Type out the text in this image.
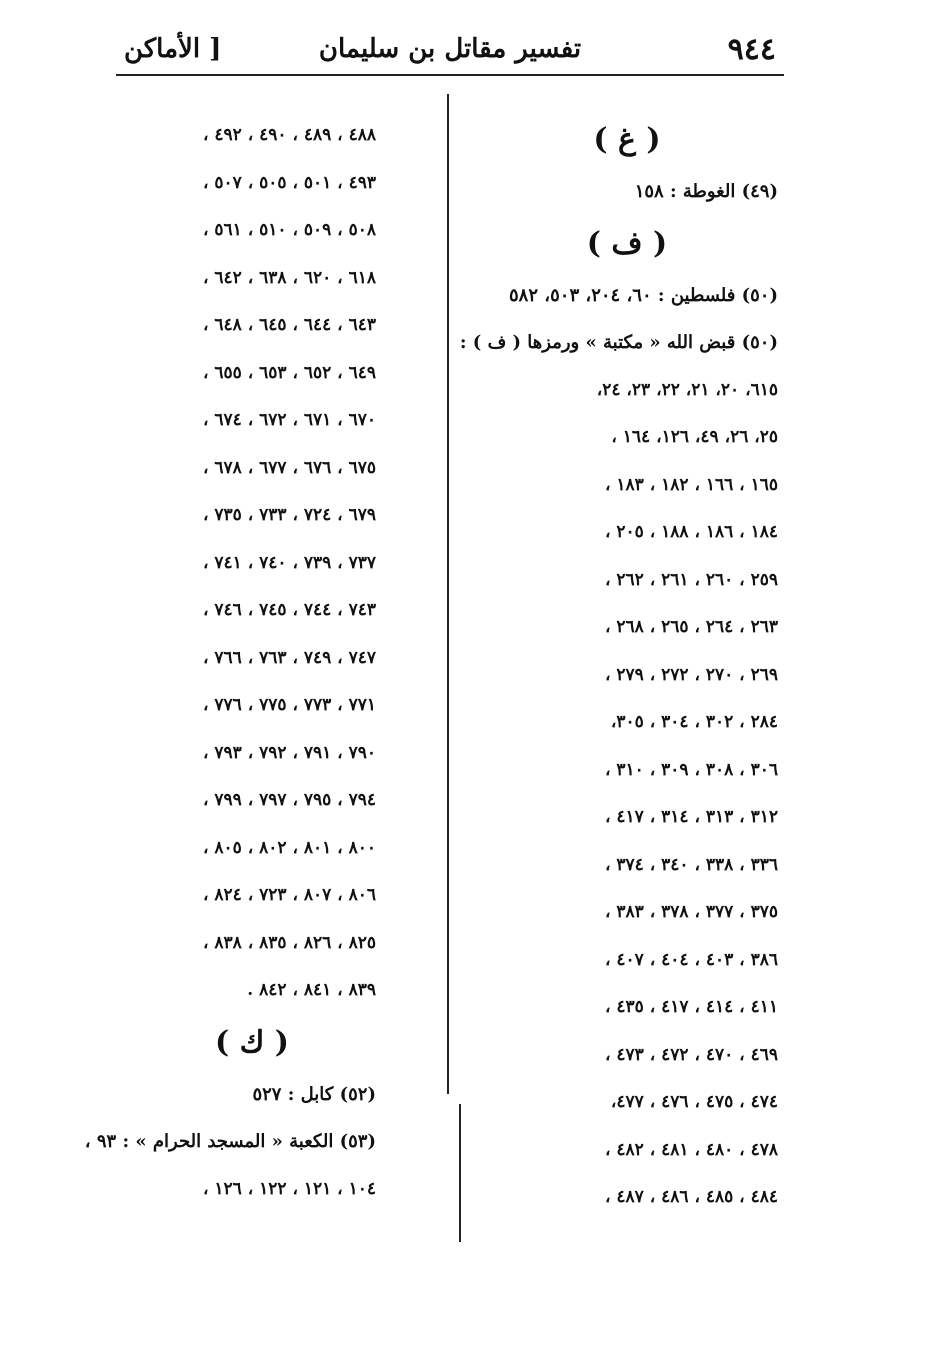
٩٤٤
تفسير مقاتل بن سليمان
[ الأماكن
( غ )
(٤٩) الغوطة : ١٥٨
( ف )
(٥٠) فلسطين : ٦٠، ٢٠٤، ٥٠٣، ٥٨٢
(٥٠) قبض الله « مكتبة » ورمزها ( ف ) :
٦١٥، ٢٠، ٢١، ٢٢، ٢٣، ٢٤،
٢٥، ٢٦، ٤٩، ١٢٦، ١٦٤ ،
١٦٥ ، ١٦٦ ، ١٨٢ ، ١٨٣ ،
١٨٤ ، ١٨٦ ، ١٨٨ ، ٢٠٥ ،
٢٥٩ ، ٢٦٠ ، ٢٦١ ، ٢٦٢ ،
٢٦٣ ، ٢٦٤ ، ٢٦٥ ، ٢٦٨ ،
٢٦٩ ، ٢٧٠ ، ٢٧٢ ، ٢٧٩ ،
٢٨٤ ، ٣٠٢ ، ٣٠٤ ، ٣٠٥،
٣٠٦ ، ٣٠٨ ، ٣٠٩ ، ٣١٠ ،
٣١٢ ، ٣١٣ ، ٣١٤ ، ٤١٧ ،
٣٣٦ ، ٣٣٨ ، ٣٤٠ ، ٣٧٤ ،
٣٧٥ ، ٣٧٧ ، ٣٧٨ ، ٣٨٣ ،
٣٨٦ ، ٤٠٣ ، ٤٠٤ ، ٤٠٧ ،
٤١١ ، ٤١٤ ، ٤١٧ ، ٤٣٥ ،
٤٦٩ ، ٤٧٠ ، ٤٧٢ ، ٤٧٣ ،
٤٧٤ ، ٤٧٥ ، ٤٧٦ ، ٤٧٧،
٤٧٨ ، ٤٨٠ ، ٤٨١ ، ٤٨٢ ،
٤٨٤ ، ٤٨٥ ، ٤٨٦ ، ٤٨٧ ،
٤٨٨ ، ٤٨٩ ، ٤٩٠ ، ٤٩٢ ،
٤٩٣ ، ٥٠١ ، ٥٠٥ ، ٥٠٧ ،
٥٠٨ ، ٥٠٩ ، ٥١٠ ، ٥٦١ ،
٦١٨ ، ٦٢٠ ، ٦٣٨ ، ٦٤٢ ،
٦٤٣ ، ٦٤٤ ، ٦٤٥ ، ٦٤٨ ،
٦٤٩ ، ٦٥٢ ، ٦٥٣ ، ٦٥٥ ،
٦٧٠ ، ٦٧١ ، ٦٧٢ ، ٦٧٤ ،
٦٧٥ ، ٦٧٦ ، ٦٧٧ ، ٦٧٨ ،
٦٧٩ ، ٧٢٤ ، ٧٣٣ ، ٧٣٥ ،
٧٣٧ ، ٧٣٩ ، ٧٤٠ ، ٧٤١ ،
٧٤٣ ، ٧٤٤ ، ٧٤٥ ، ٧٤٦ ،
٧٤٧ ، ٧٤٩ ، ٧٦٣ ، ٧٦٦ ،
٧٧١ ، ٧٧٣ ، ٧٧٥ ، ٧٧٦ ،
٧٩٠ ، ٧٩١ ، ٧٩٢ ، ٧٩٣ ،
٧٩٤ ، ٧٩٥ ، ٧٩٧ ، ٧٩٩ ،
٨٠٠ ، ٨٠١ ، ٨٠٢ ، ٨٠٥ ،
٨٠٦ ، ٨٠٧ ، ٧٢٣ ، ٨٢٤ ،
٨٢٥ ، ٨٢٦ ، ٨٣٥ ، ٨٣٨ ،
٨٣٩ ، ٨٤١ ، ٨٤٢ .
( ك )
(٥٢) كابل : ٥٢٧
(٥٣) الكعبة « المسجد الحرام » : ٩٣ ،
١٠٤ ، ١٢١ ، ١٢٢ ، ١٢٦ ،
